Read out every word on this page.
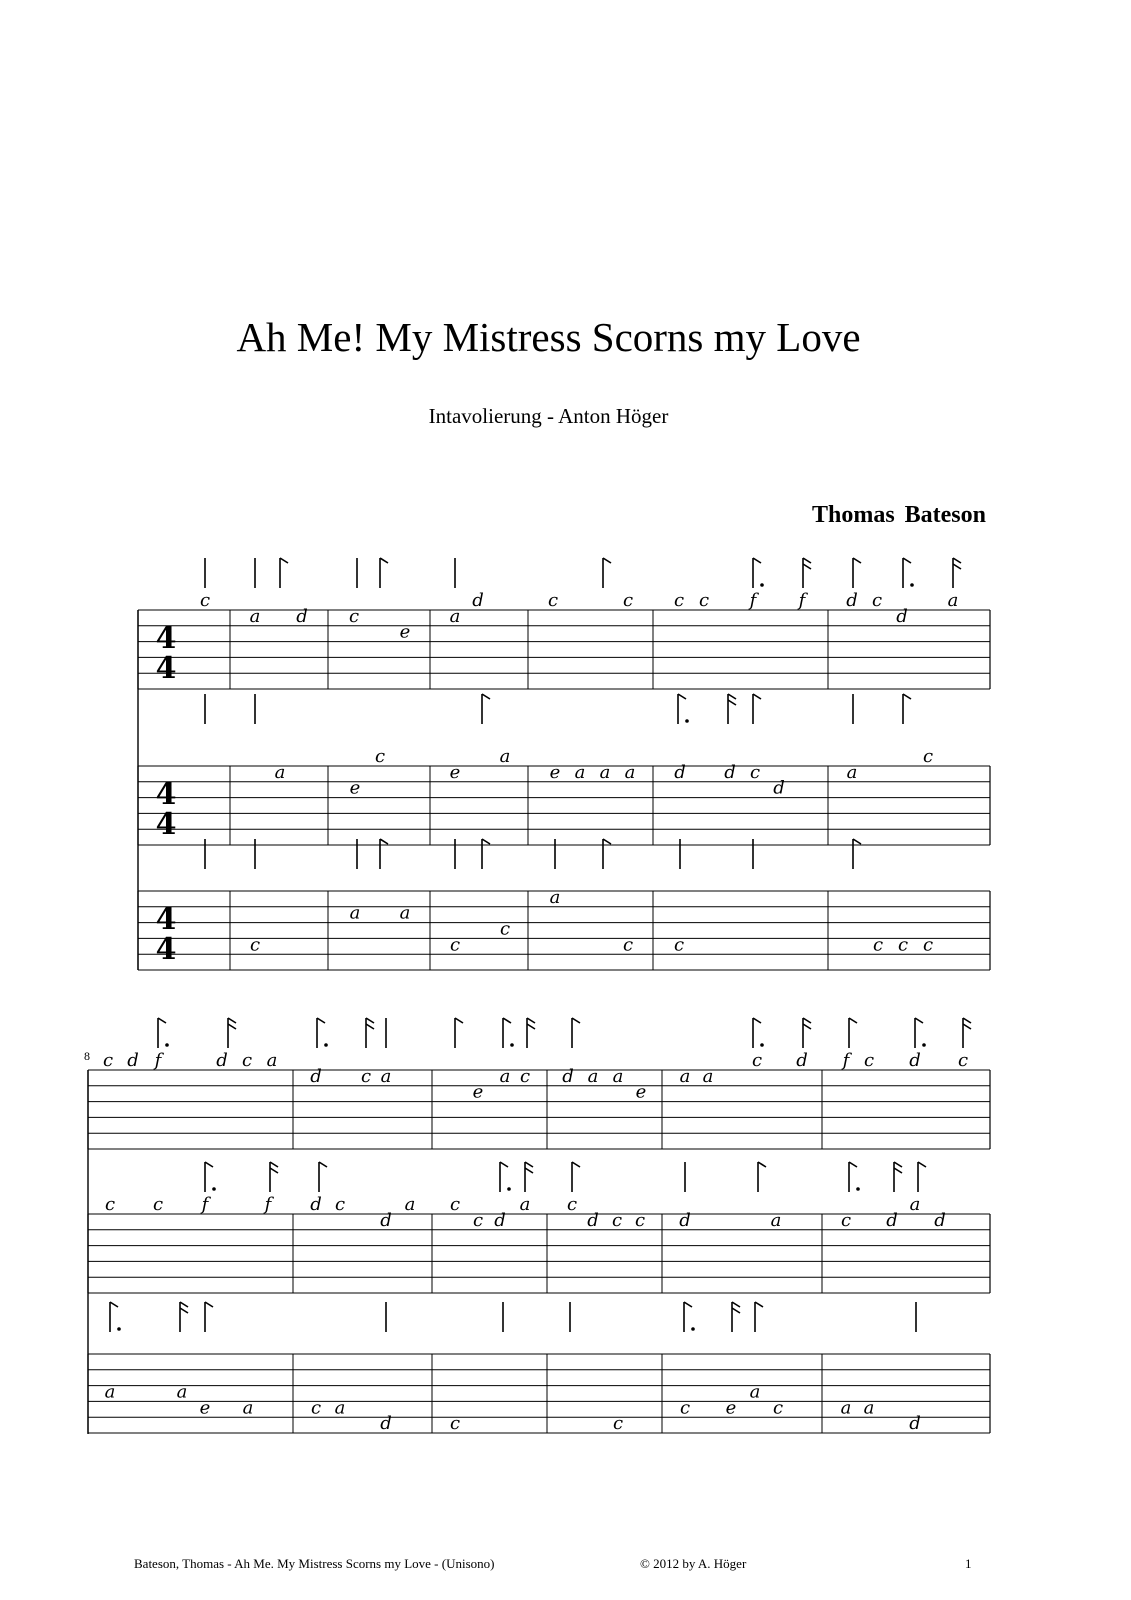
Ah Me! My Mistress Scorns my Love
Intavolierung - Anton Höger
Thomas Bateson
4
4
4
4
4
4
8
c
a d c
e
a
d	c	c c c f f d c
d
a
a
c
e
e
a
e a a a d d c
d
a
c
c
a a
c
c
a
c c	c c c
c d f	d c a
d c a
e
a c d a a
e
a a
c d f c d c
c c f	f d c
d
a c
c d
a c
d c c d	a	c d
a
d
a	a
e a	c a
d	c	c
c e
a
c	a a
d
Bateson, Thomas - Ah Me. My Mistress Scorns my Love - (Unisono)	© 2012 by A. Höger	1
